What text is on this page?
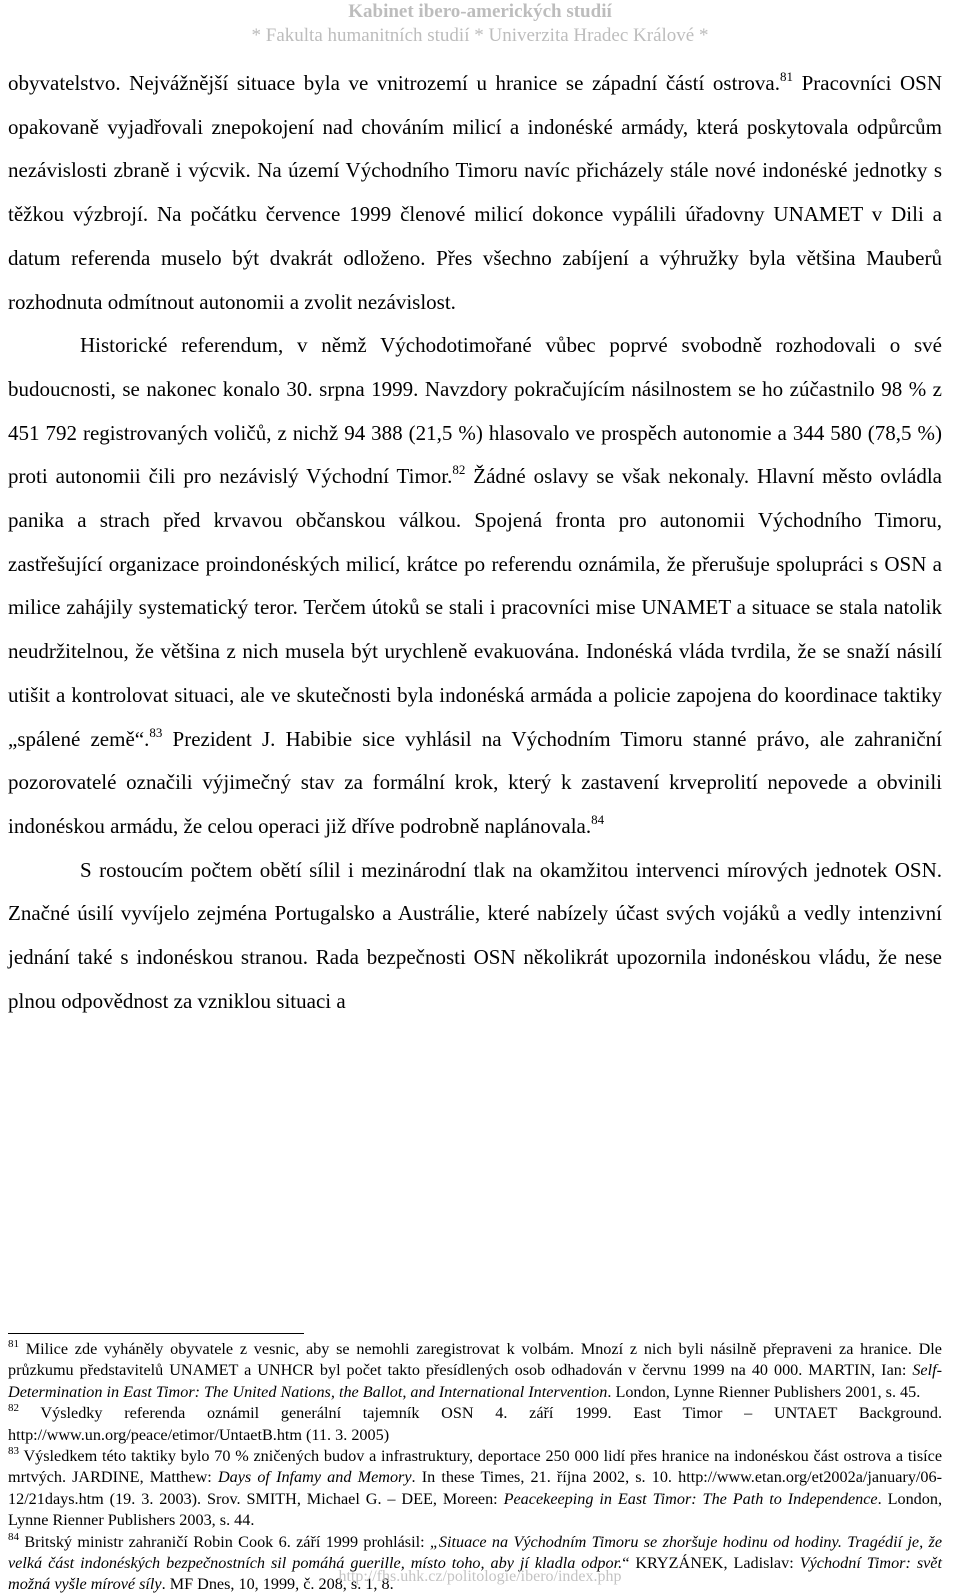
Kabinet ibero-amerických studií
* Fakulta humanitních studií * Univerzita Hradec Králové *

obyvatelstvo. Nejvážnější situace byla ve vnitrozemí u hranice se západní částí ostrova.$^{81}$ Pracovníci OSN opakovaně vyjadřovali znepokojení nad chováním milicí a indonéské armády, která poskytovala odpůrcům nezávislosti zbraně i výcvik. Na území Východního Timoru navíc přicházely stále nové indonéské jednotky s těžkou výzbrojí. Na počátku července 1999 členové milicí dokonce vypálili úřadovny UNAMET v Dili a datum referenda muselo být dvakrát odloženo. Přes všechno zabíjení a výhružky byla většina Mauberů rozhodnuta odmítnout autonomii a zvolit nezávislost.

Historické referendum, v němž Východotimořané vůbec poprvé svobodně rozhodovali o své budoucnosti, se nakonec konalo 30. srpna 1999. Navzdory pokračujícím násilnostem se ho zúčastnilo 98 % z 451 792 registrovaných voličů, z nichž 94 388 (21,5 %) hlasovalo ve prospěch autonomie a 344 580 (78,5 %) proti autonomii čili pro nezávislý Východní Timor.$^{82}$ Žádné oslavy se však nekonaly. Hlavní město ovládla panika a strach před krvavou občanskou válkou. Spojená fronta pro autonomii Východního Timoru, zastřešující organizace proindonéských milicí, krátce po referendu oznámila, že přerušuje spolupráci s OSN a milice zahájily systematický teror. Terčem útoků se stali i pracovníci mise UNAMET a situace se stala natolik neudržitelnou, že většina z nich musela být urychleně evakuována. Indonéská vláda tvrdila, že se snaží násilí utišit a kontrolovat situaci, ale ve skutečnosti byla indonéská armáda a policie zapojena do koordinace taktiky „spálené země“.$^{83}$ Prezident J. Habibie sice vyhlásil na Východním Timoru stanné právo, ale zahraniční pozorovatelé označili výjimečný stav za formální krok, který k zastavení krveprolití nepovede a obvinili indonéskou armádu, že celou operaci již dříve podrobně naplánovala.$^{84}$

S rostoucím počtem obětí sílil i mezinárodní tlak na okamžitou intervenci mírových jednotek OSN. Značné úsilí vyvíjelo zejména Portugalsko a Austrálie, které nabízely účast svých vojáků a vedly intenzivní jednání také s indonéskou stranou. Rada bezpečnosti OSN několikrát upozornila indonéskou vládu, že nese plnou odpovědnost za vzniklou situaci a

$^{81}$ Milice zde vyháněly obyvatele z vesnic, aby se nemohli zaregistrovat k volbám. Mnozí z nich byli násilně přepraveni za hranice. Dle průzkumu představitelů UNAMET a UNHCR byl počet takto přesídlených osob odhadován v červnu 1999 na 40 000. MARTIN, Ian: Self-Determination in East Timor: The United Nations, the Ballot, and International Intervention. London, Lynne Rienner Publishers 2001, s. 45.

$^{82}$ Výsledky referenda oznámil generální tajemník OSN 4. září 1999. East Timor – UNTAET Background. http://www.un.org/peace/etimor/UntaetB.htm (11. 3. 2005)

$^{83}$ Výsledkem této taktiky bylo 70 % zničených budov a infrastruktury, deportace 250 000 lidí přes hranice na indonéskou část ostrova a tisíce mrtvých. JARDINE, Matthew: Days of Infamy and Memory. In these Times, 21. října 2002, s. 10. http://www.etan.org/et2002a/january/06-12/21days.htm (19. 3. 2003). Srov. SMITH, Michael G. – DEE, Moreen: Peacekeeping in East Timor: The Path to Independence. London, Lynne Rienner Publishers 2003, s. 44.

$^{84}$ Britský ministr zahraničí Robin Cook 6. září 1999 prohlásil: „Situace na Východním Timoru se zhoršuje hodinu od hodiny. Tragédií je, že velká část indonéských bezpečnostních sil pomáhá guerille, místo toho, aby jí kladla odpor.“ KRYZÁNEK, Ladislav: Východní Timor: svět možná vyšle mírové síly. MF Dnes, 10, 1999, č. 208, s. 1, 8.

http://fhs.uhk.cz/politologie/ibero/index.php
